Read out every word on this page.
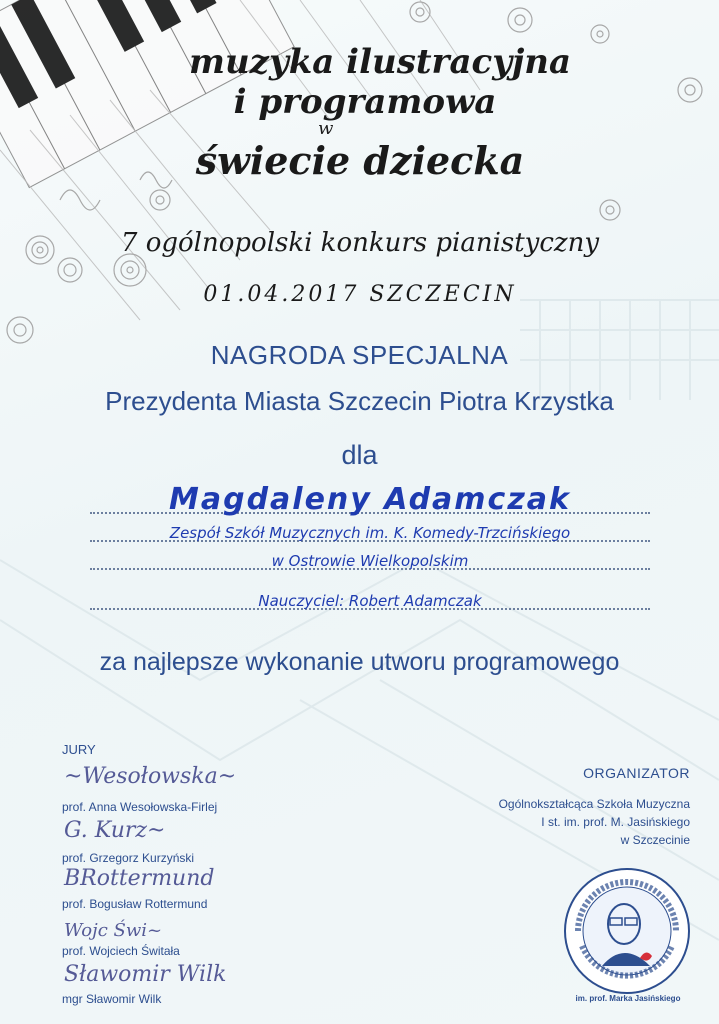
muzyka ilustracyjna
i programowa
w
świecie dziecka
7 ogólnopolski konkurs pianistyczny
01.04.2017 SZCZECIN
NAGRODA SPECJALNA
Prezydenta Miasta Szczecin Piotra Krzystka
dla
Magdaleny Adamczak
Zespół Szkół Muzycznych im. K. Komedy-Trzcińskiego
w Ostrowie Wielkopolskim
Nauczyciel: Robert Adamczak
za najlepsze wykonanie utworu programowego
JURY
~Wesołowska~
prof. Anna Wesołowska-Firlej
G. Kurz~
prof. Grzegorz Kurzyński
BRottermund
prof. Bogusław Rottermund
Wojc Świ~
prof. Wojciech Świtała
Sławomir Wilk
mgr Sławomir Wilk
ORGANIZATOR
Ogólnokształcąca Szkoła Muzyczna
I st. im. prof. M. Jasińskiego
w Szczecinie
im. prof. Marka Jasińskiego
